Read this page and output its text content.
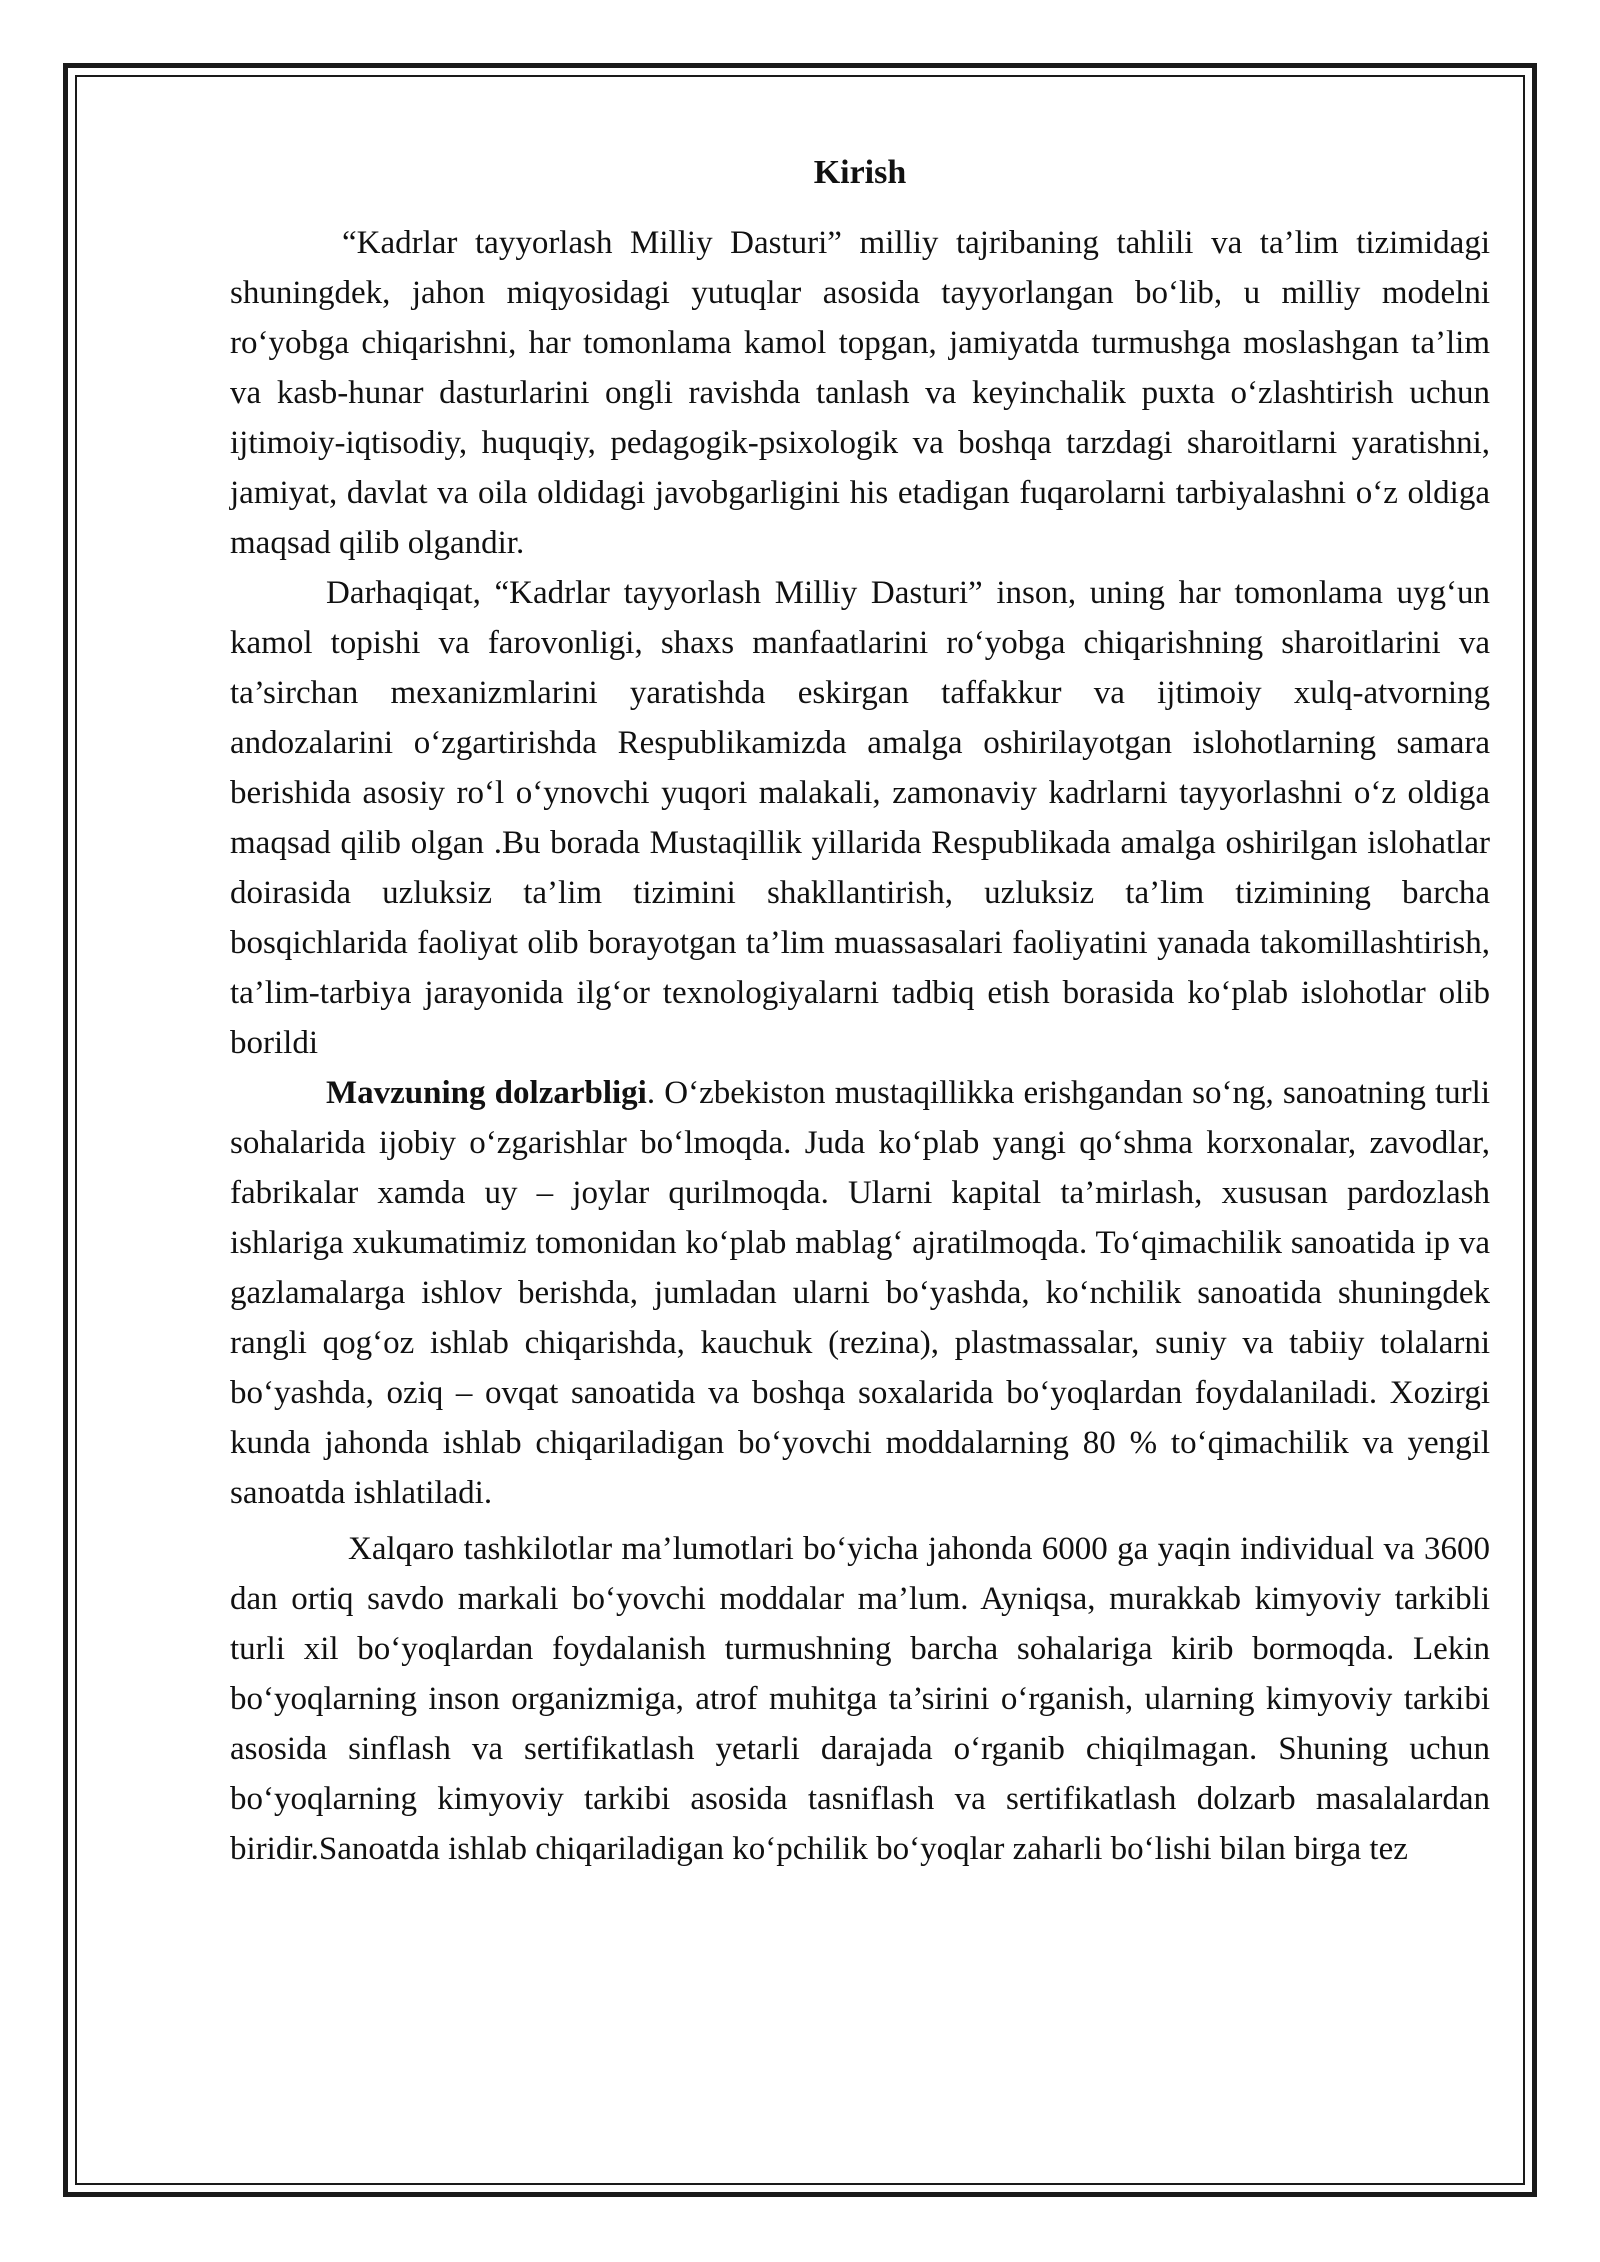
Kirish

“Kadrlar tayyorlash Milliy Dasturi” milliy tajribaning tahlili va ta’lim tizimidagi shuningdek, jahon miqyosidagi yutuqlar asosida tayyorlangan bo‘lib, u milliy modelni ro‘yobga chiqarishni, har tomonlama kamol topgan, jamiyatda turmushga moslashgan ta’lim va kasb-hunar dasturlarini ongli ravishda tanlash va keyinchalik puxta o‘zlashtirish uchun ijtimoiy-iqtisodiy, huquqiy, pedagogik-psixologik va boshqa tarzdagi sharoitlarni yaratishni, jamiyat, davlat va oila oldidagi javobgarligini his etadigan fuqarolarni tarbiyalashni o‘z oldiga maqsad qilib olgandir.

Darhaqiqat, “Kadrlar tayyorlash Milliy Dasturi” inson, uning har tomonlama uyg‘un kamol topishi va farovonligi, shaxs manfaatlarini ro‘yobga chiqarishning sharoitlarini va ta’sirchan mexanizmlarini yaratishda eskirgan taffakkur va ijtimoiy xulq-atvorning andozalarini o‘zgartirishda Respublikamizda amalga oshirilayotgan islohotlarning samara berishida asosiy ro‘l o‘ynovchi yuqori malakali, zamonaviy kadrlarni tayyorlashni o‘z oldiga maqsad qilib olgan .Bu borada Mustaqillik yillarida Respublikada amalga oshirilgan islohatlar doirasida uzluksiz ta’lim tizimini shakllantirish, uzluksiz ta’lim tizimining barcha bosqichlarida faoliyat olib borayotgan ta’lim muassasalari faoliyatini yanada takomillashtirish, ta’lim-tarbiya jarayonida ilg‘or texnologiyalarni tadbiq etish borasida ko‘plab islohotlar olib borildi

Mavzuning dolzarbligi. O‘zbekiston mustaqillikka erishgandan so‘ng, sanoatning turli sohalarida ijobiy o‘zgarishlar bo‘lmoqda. Juda ko‘plab yangi qo‘shma korxonalar, zavodlar, fabrikalar xamda uy – joylar qurilmoqda. Ularni kapital ta’mirlash, xususan pardozlash ishlariga xukumatimiz tomonidan ko‘plab mablag‘ ajratilmoqda. To‘qimachilik sanoatida ip va gazlamalarga ishlov berishda, jumladan ularni bo‘yashda, ko‘nchilik sanoatida shuningdek rangli qog‘oz ishlab chiqarishda, kauchuk (rezina), plastmassalar, suniy va tabiiy tolalarni bo‘yashda, oziq – ovqat sanoatida va boshqa soxalarida bo‘yoqlardan foydalaniladi. Xozirgi kunda jahonda ishlab chiqariladigan bo‘yovchi moddalarning 80 % to‘qimachilik va yengil sanoatda ishlatiladi.

Xalqaro tashkilotlar ma’lumotlari bo‘yicha jahonda 6000 ga yaqin individual va 3600 dan ortiq savdo markali bo‘yovchi moddalar ma’lum. Ayniqsa, murakkab kimyoviy tarkibli turli xil bo‘yoqlardan foydalanish turmushning barcha sohalariga kirib bormoqda. Lekin bo‘yoqlarning inson organizmiga, atrof muhitga ta’sirini o‘rganish, ularning kimyoviy tarkibi asosida sinflash va sertifikatlash yetarli darajada o‘rganib chiqilmagan. Shuning uchun bo‘yoqlarning kimyoviy tarkibi asosida tasniflash va sertifikatlash dolzarb masalalardan biridir.Sanoatda ishlab chiqariladigan ko‘pchilik bo‘yoqlar zaharli bo‘lishi bilan birga tez
